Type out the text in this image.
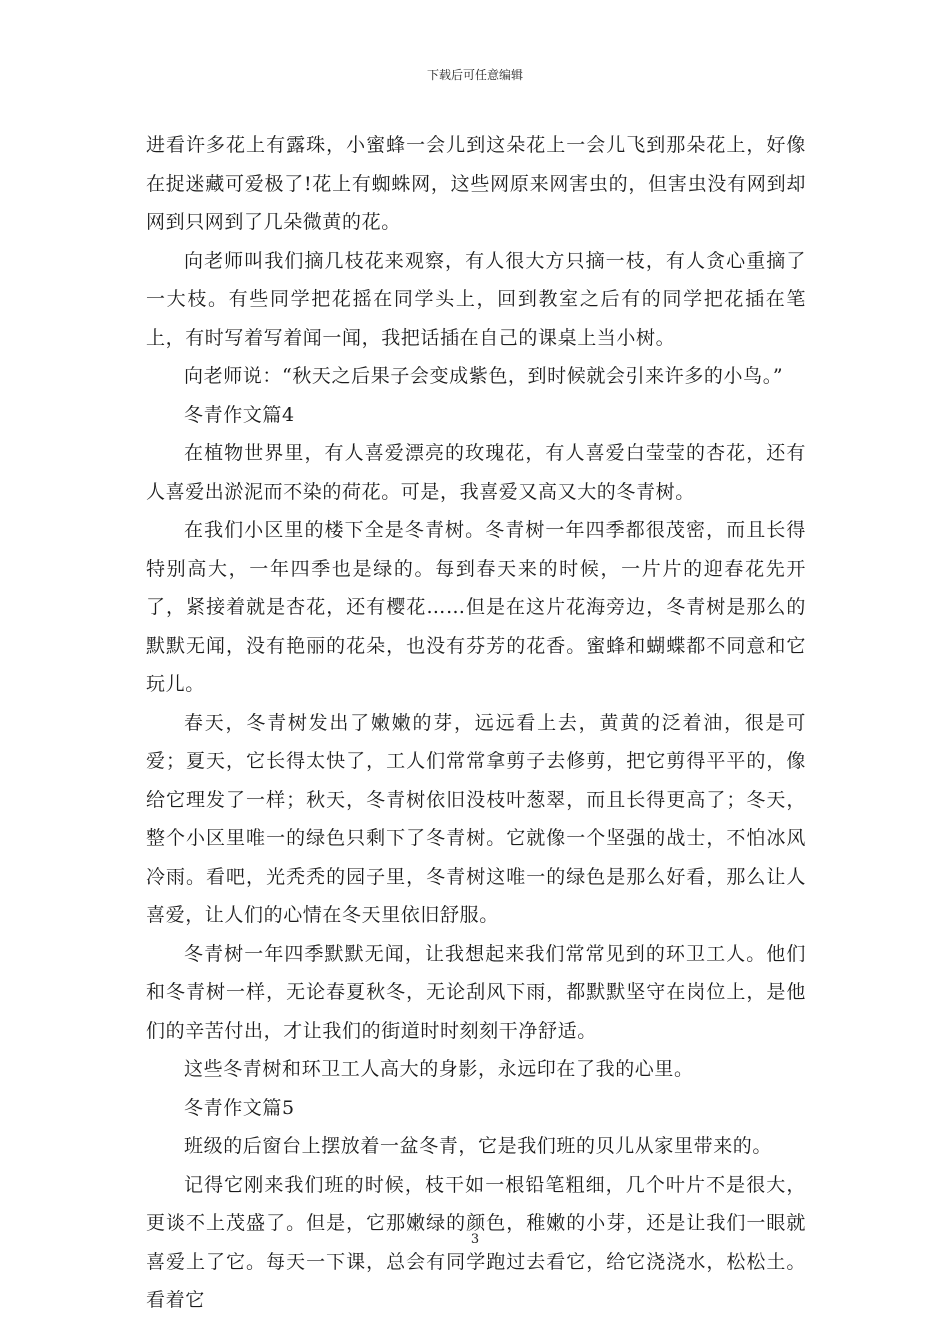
下载后可任意编辑

进看许多花上有露珠，小蜜蜂一会儿到这朵花上一会儿飞到那朵花上，好像在捉迷藏可爱极了!花上有蜘蛛网，这些网原来网害虫的，但害虫没有网到却网到只网到了几朵微黄的花。

向老师叫我们摘几枝花来观察，有人很大方只摘一枝，有人贪心重摘了一大枝。有些同学把花摇在同学头上，回到教室之后有的同学把花插在笔上，有时写着写着闻一闻，我把话插在自己的课桌上当小树。

向老师说：“秋天之后果子会变成紫色，到时候就会引来许多的小鸟。”

冬青作文篇4

在植物世界里，有人喜爱漂亮的玫瑰花，有人喜爱白莹莹的杏花，还有人喜爱出淤泥而不染的荷花。可是，我喜爱又高又大的冬青树。

在我们小区里的楼下全是冬青树。冬青树一年四季都很茂密，而且长得特别高大，一年四季也是绿的。每到春天来的时候，一片片的迎春花先开了，紧接着就是杏花，还有樱花……但是在这片花海旁边，冬青树是那么的默默无闻，没有艳丽的花朵，也没有芬芳的花香。蜜蜂和蝴蝶都不同意和它玩儿。

春天，冬青树发出了嫩嫩的芽，远远看上去，黄黄的泛着油，很是可爱；夏天，它长得太快了，工人们常常拿剪子去修剪，把它剪得平平的，像给它理发了一样；秋天，冬青树依旧没枝叶葱翠，而且长得更高了；冬天，整个小区里唯一的绿色只剩下了冬青树。它就像一个坚强的战士，不怕冰风冷雨。看吧，光秃秃的园子里，冬青树这唯一的绿色是那么好看，那么让人喜爱，让人们的心情在冬天里依旧舒服。

冬青树一年四季默默无闻，让我想起来我们常常见到的环卫工人。他们和冬青树一样，无论春夏秋冬，无论刮风下雨，都默默坚守在岗位上，是他们的辛苦付出，才让我们的街道时时刻刻干净舒适。

这些冬青树和环卫工人高大的身影，永远印在了我的心里。

冬青作文篇5

班级的后窗台上摆放着一盆冬青，它是我们班的贝儿从家里带来的。

记得它刚来我们班的时候，枝干如一根铅笔粗细，几个叶片不是很大，更谈不上茂盛了。但是，它那嫩绿的颜色，稚嫩的小芽，还是让我们一眼就喜爱上了它。每天一下课，总会有同学跑过去看它，给它浇浇水，松松土。看着它

3
